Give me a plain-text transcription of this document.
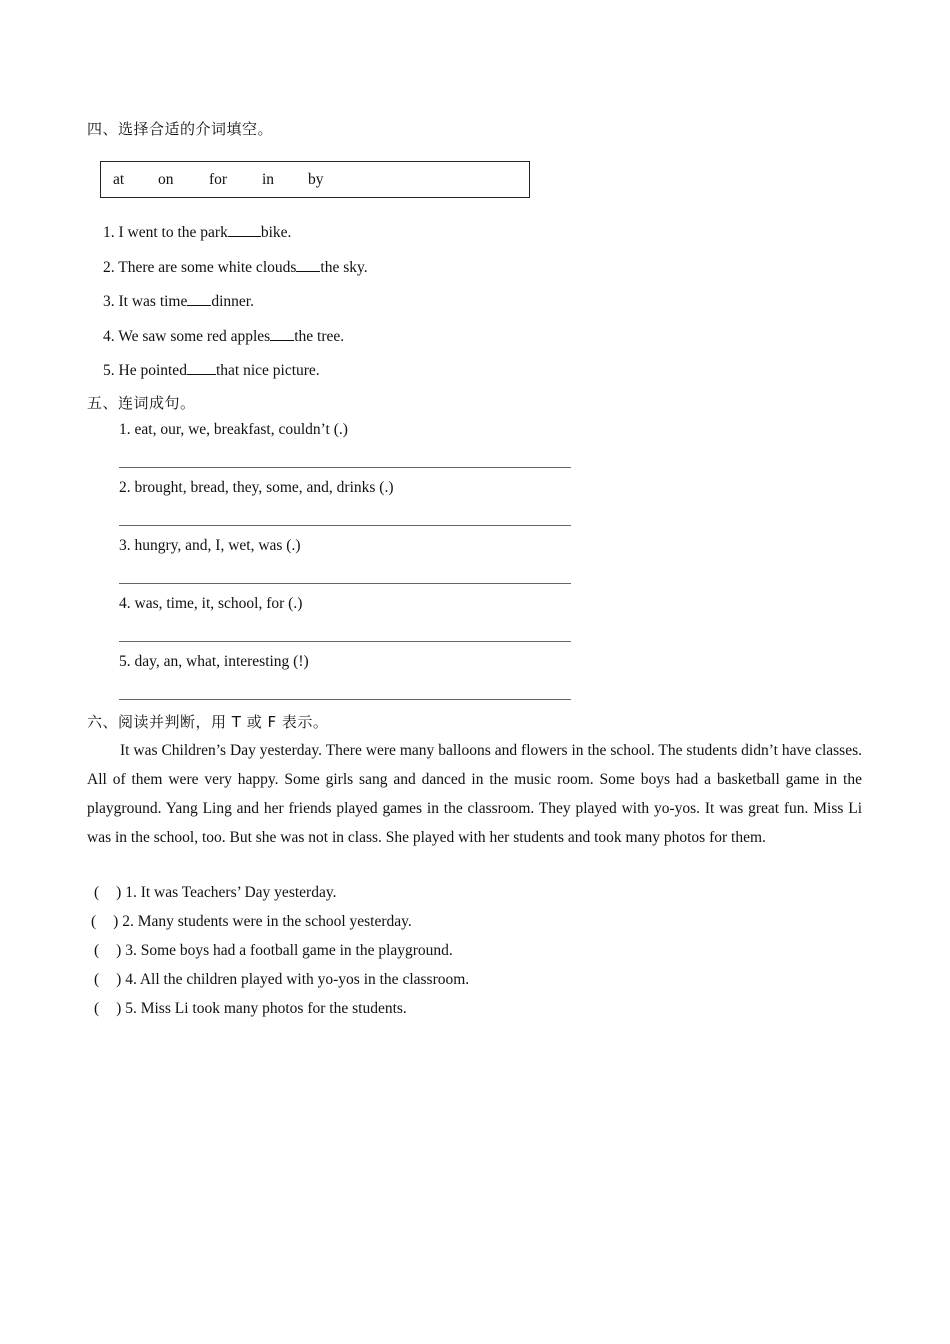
四、选择合适的介词填空。
at on for in by
1. I went to the park bike.
2. There are some white clouds the sky.
3. It was time dinner.
4. We saw some red apples the tree.
5. He pointed that nice picture.
五、连词成句。
1. eat, our, we, breakfast, couldn’t (.)
2. brought, bread, they, some, and, drinks (.)
3. hungry, and, I, wet, was (.)
4. was, time, it, school, for (.)
5. day, an, what, interesting (!)
六、阅读并判断，用 T 或 F 表示。
It was Children’s Day yesterday. There were many balloons and flowers in the school. The students didn’t have classes. All of them were very happy. Some girls sang and danced in the music room. Some boys had a basketball game in the playground. Yang Ling and her friends played games in the classroom. They played with yo-yos. It was great fun. Miss Li was in the school, too. But she was not in class. She played with her students and took many photos for them.
( ) 1. It was Teachers’ Day yesterday.
( ) 2. Many students were in the school yesterday.
( ) 3. Some boys had a football game in the playground.
( ) 4. All the children played with yo-yos in the classroom.
( ) 5. Miss Li took many photos for the students.
